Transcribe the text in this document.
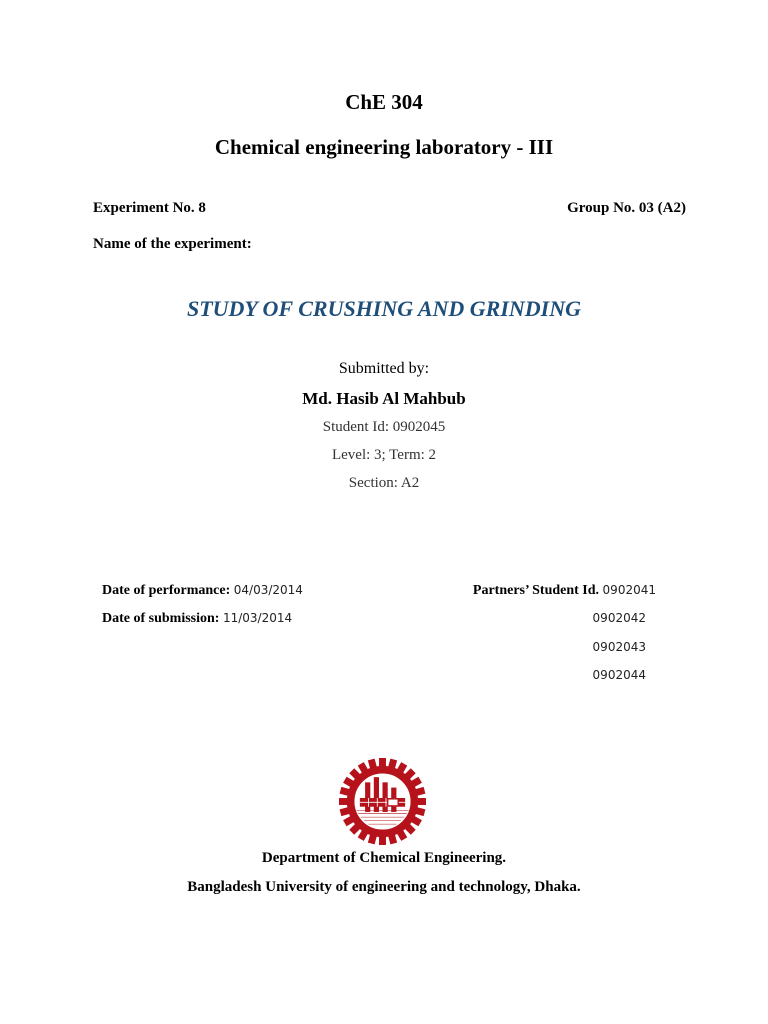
ChE 304
Chemical engineering laboratory - III
Experiment No. 8	Group No. 03 (A2)
Name of the experiment:
STUDY OF CRUSHING AND GRINDING
Submitted by:
Md. Hasib Al Mahbub
Student Id: 0902045
Level: 3; Term: 2
Section: A2
Date of performance: 04/03/2014
Date of submission: 11/03/2014
Partners’ Student Id. 0902041
0902042
0902043
0902044
Department of Chemical Engineering.
Bangladesh University of engineering and technology, Dhaka.
